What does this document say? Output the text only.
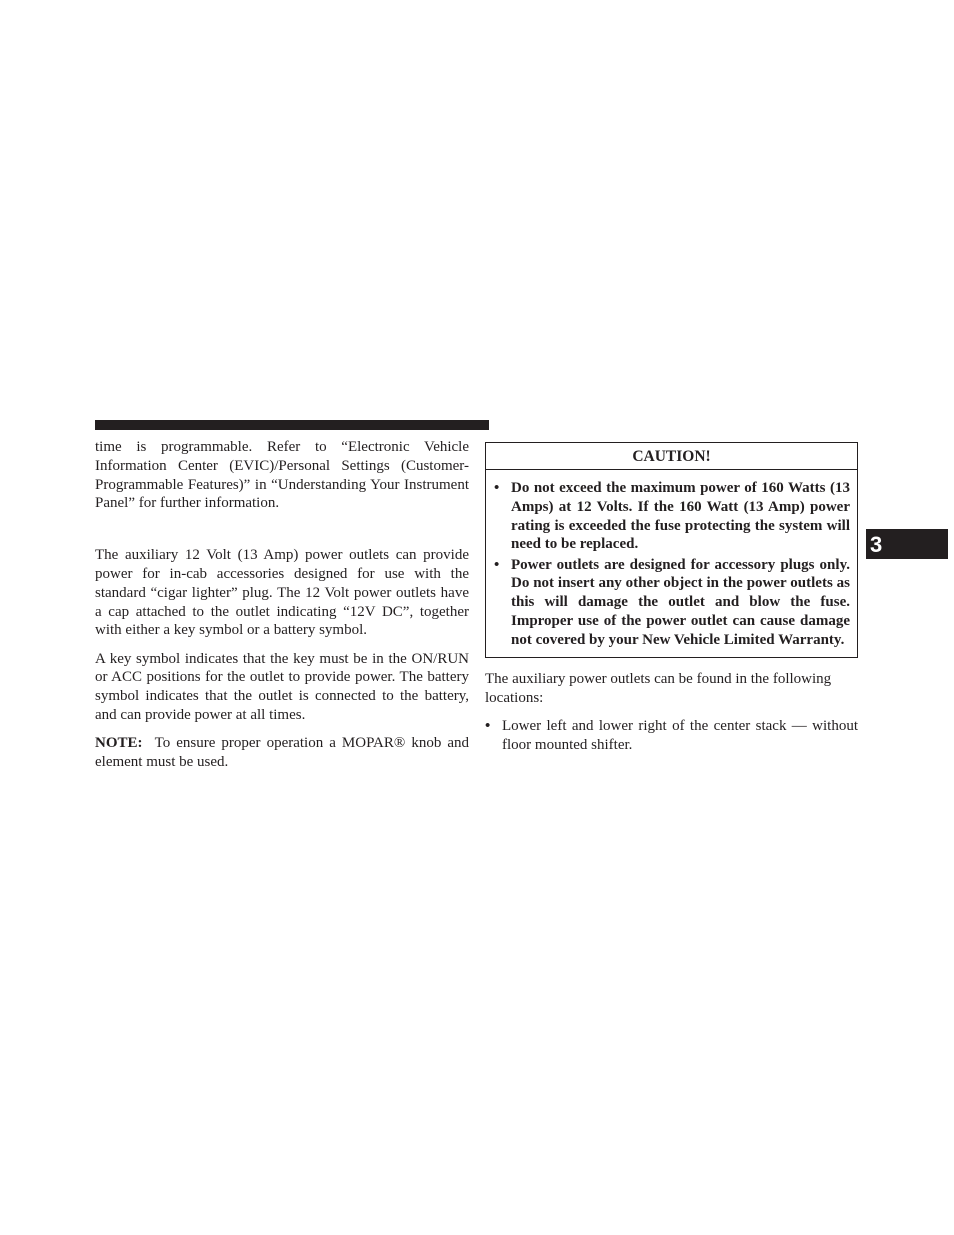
time is programmable. Refer to “Electronic Vehicle Information Center (EVIC)/Personal Settings (Customer-Programmable Features)” in “Understanding Your Instrument Panel” for further information.

The auxiliary 12 Volt (13 Amp) power outlets can provide power for in-cab accessories designed for use with the standard “cigar lighter” plug. The 12 Volt power outlets have a cap attached to the outlet indicating “12V DC”, together with either a key symbol or a battery symbol.

A key symbol indicates that the key must be in the ON/RUN or ACC positions for the outlet to provide power. The battery symbol indicates that the outlet is connected to the battery, and can provide power at all times.

NOTE: To ensure proper operation a MOPAR® knob and element must be used.

CAUTION!
• Do not exceed the maximum power of 160 Watts (13 Amps) at 12 Volts. If the 160 Watt (13 Amp) power rating is exceeded the fuse protecting the system will need to be replaced.
• Power outlets are designed for accessory plugs only. Do not insert any other object in the power outlets as this will damage the outlet and blow the fuse. Improper use of the power outlet can cause damage not covered by your New Vehicle Limited Warranty.

The auxiliary power outlets can be found in the following locations:

• Lower left and lower right of the center stack — without floor mounted shifter.
3
